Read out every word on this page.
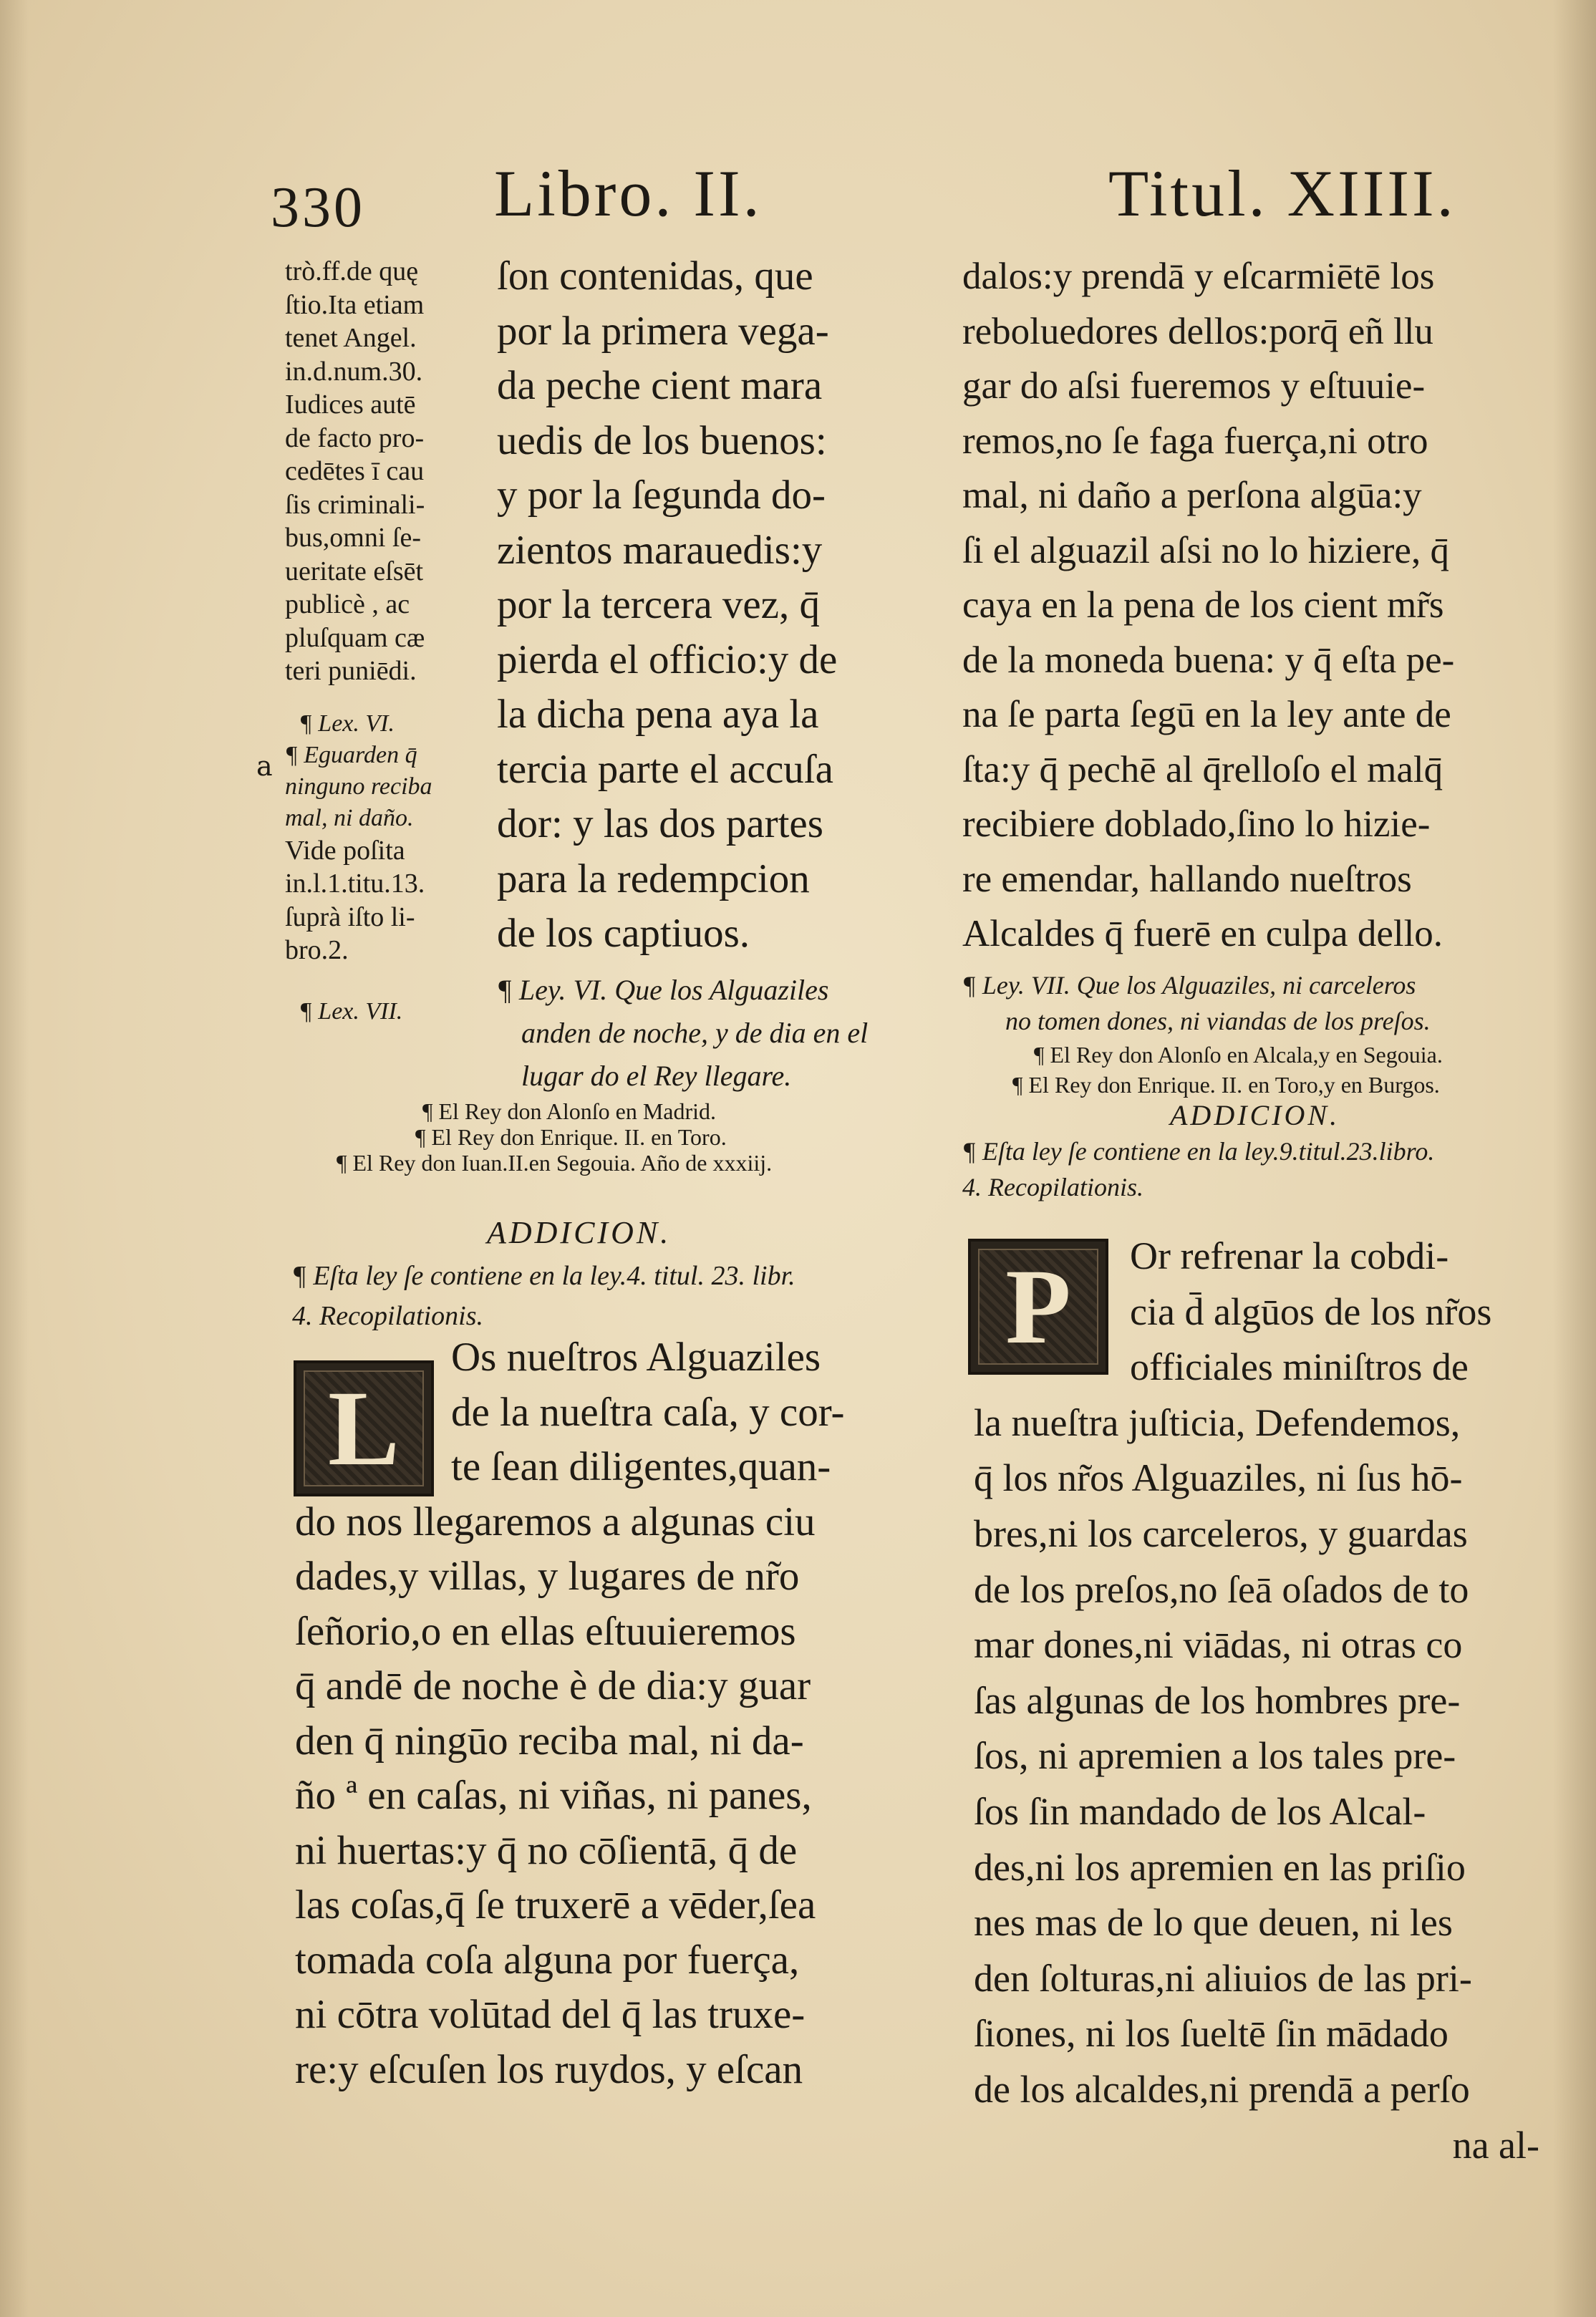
330 Libro. II.	Titul. XIIII.
trò.ff.de quę
ſtio.Ita etiam
tenet Angel.
in.d.num.30.
Iudices autē
de facto pro-
cedētes ī cau
ſis criminali-
bus,omni ſe-
ueritate eſsēt
publicè , ac
pluſquam cæ
teri puniēdi.
¶ Lex. VI.
¶ Eguarden q̄
ninguno reciba
mal, ni daño.
Vide poſita
in.l.1.titu.13.
ſuprà iſto li-
bro.2.
¶ Lex. VII.
a
ſon contenidas, que
por la primera vega-
da peche cient mara
uedis de los buenos:
y por la ſegunda do-
zientos marauedis:y
por la tercera vez, q̄
pierda el officio:y de
la dicha pena aya la
tercia parte el accuſa
dor: y las dos partes
para la redempcion
de los captiuos.
¶ Ley. VI. Que los Alguaziles
anden de noche, y de dia en el
lugar do el Rey llegare.
¶ El Rey don Alonſo en Madrid.
¶ El Rey don Enrique. II. en Toro.
¶ El Rey don Iuan.II.en Segouia. Año de xxxiij.
ADDICION.
¶ Eſta ley ſe contiene en la ley.4. titul. 23. libr.
4. Recopilationis.
L
Os nueſtros Alguaziles
de la nueſtra caſa, y cor-
te ſean diligentes,quan-
do nos llegaremos a algunas ciu
dades,y villas, y lugares de nr̃o
ſeñorio,o en ellas eſtuuieremos
q̄ andē de noche è de dia:y guar
den q̄ ningūo reciba mal, ni da-
ño ª en caſas, ni viñas, ni panes,
ni huertas:y q̄ no cōſientā, q̄ de
las coſas,q̄ ſe truxerē a vēder,ſea
tomada coſa alguna por fuerça,
ni cōtra volūtad del q̄ las truxe-
re:y eſcuſen los ruydos, y eſcan
dalos:y prendā y eſcarmiētē los
reboluedores dellos:porq̄ eñ llu
gar do aſsi fueremos y eſtuuie-
remos,no ſe faga fuerça,ni otro
mal, ni daño a perſona algūa:y
ſi el alguazil aſsi no lo hiziere, q̄
caya en la pena de los cient mr̃s
de la moneda buena: y q̄ eſta pe-
na ſe parta ſegū en la ley ante de
ſta:y q̄ pechē al q̄relloſo el malq̄
recibiere doblado,ſino lo hizie-
re emendar, hallando nueſtros
Alcaldes q̄ fuerē en culpa dello.
¶ Ley. VII. Que los Alguaziles, ni carceleros
no tomen dones, ni viandas de los preſos.
¶ El Rey don Alonſo en Alcala,y en Segouia.
¶ El Rey don Enrique. II. en Toro,y en Burgos.
ADDICION.
¶ Eſta ley ſe contiene en la ley.9.titul.23.libro.
4. Recopilationis.
P	Or refrenar la cobdi-
cia d̄ algūos de los nr̃os
officiales miniſtros de
la nueſtra juſticia, Defendemos,
q̄ los nr̃os Alguaziles, ni ſus hō-
bres,ni los carceleros, y guardas
de los preſos,no ſeā oſados de to
mar dones,ni viādas, ni otras co
ſas algunas de los hombres pre-
ſos, ni apremien a los tales pre-
ſos ſin mandado de los Alcal-
des,ni los apremien en las priſio
nes mas de lo que deuen, ni les
den ſolturas,ni aliuios de las pri-
ſiones, ni los ſueltē ſin mādado
de los alcaldes,ni prendā a perſo
na al-
